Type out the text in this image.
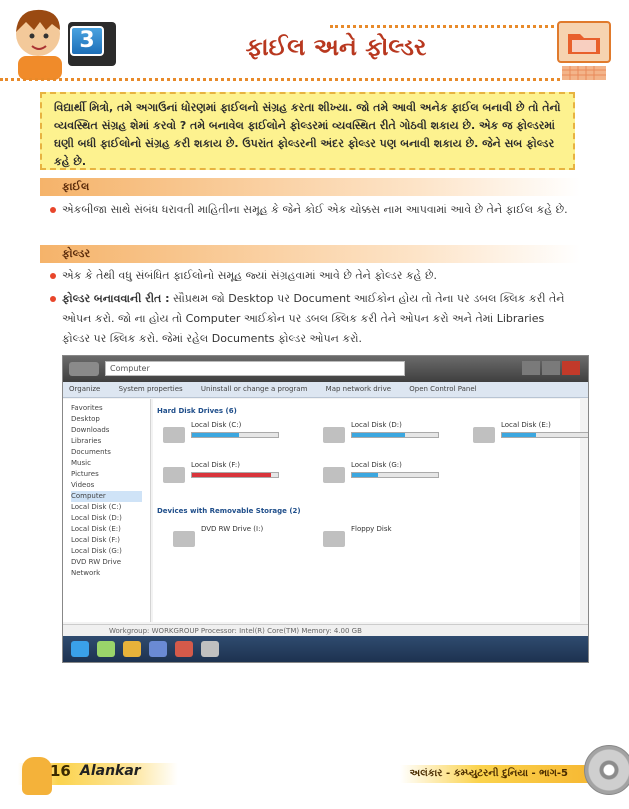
3	ફાઈલ અને ફોલ્ડર
વિદ્યાર્થી મિત્રો, તમે અગાઉનાં ધોરણમાં ફાઈલનો સંગ્રહ કરતા શીખ્યા. જો તમે આવી અનેક ફાઈલ બનાવી છે તો તેનો વ્યવસ્થિત સંગ્રહ શેમાં કરવો ? તમે બનાવેલ ફાઈલોને ફોલ્ડરમાં વ્યવસ્થિત રીતે ગોઠવી શકાય છે. એક જ ફોલ્ડરમાં ઘણી બધી ફાઈલોનો સંગ્રહ કરી શકાય છે. ઉપરાંત ફોલ્ડરની અંદર ફોલ્ડર પણ બનાવી શકાય છે. જેને સબ ફોલ્ડર કહે છે.
ફાઈલ
એકબીજા સાથે સંબંધ ધરાવતી માહિતીના સમૂહ કે જેને કોઈ એક ચોક્કસ નામ આપવામાં આવે છે તેને ફાઈલ કહે છે.
ફોલ્ડર
એક કે તેથી વધુ સંબંધિત ફાઈલોનો સમૂહ જ્યાં સંગ્રહવામાં આવે છે તેને ફોલ્ડર કહે છે.
ફોલ્ડર બનાવવાની રીત : સૌપ્રથમ જો Desktop પર Document આઈકોન હોય તો તેના પર ડબલ ક્લિક કરી તેને ઓપન કરો. જો ના હોય તો Computer આઈકોન પર ડબલ ક્લિક કરી તેને ઓપન કરો અને તેમાં Libraries ફોલ્ડર પર ક્લિક કરો. જેમાં રહેલ Documents ફોલ્ડર ઓપન કરો.
Computer
Organize	System properties	Uninstall or change a program	Map network drive	Open Control Panel
Favorites
Desktop
Downloads
Libraries
Documents
Music
Pictures
Videos
Computer
Local Disk (C:)
Local Disk (D:)
Local Disk (E:)
Local Disk (F:)
Local Disk (G:)
DVD RW Drive
Network
Hard Disk Drives (6)
Local Disk (C:)	Local Disk (D:)	Local Disk (E:)
Local Disk (F:)	Local Disk (G:)
Devices with Removable Storage (2)
DVD RW Drive (I:)	Floppy Disk
Workgroup: WORKGROUP Processor: Intel(R) Core(TM) Memory: 4.00 GB
16 Alankar	અલંકાર - કમ્પ્યુટરની દુનિયા - ભાગ-5
